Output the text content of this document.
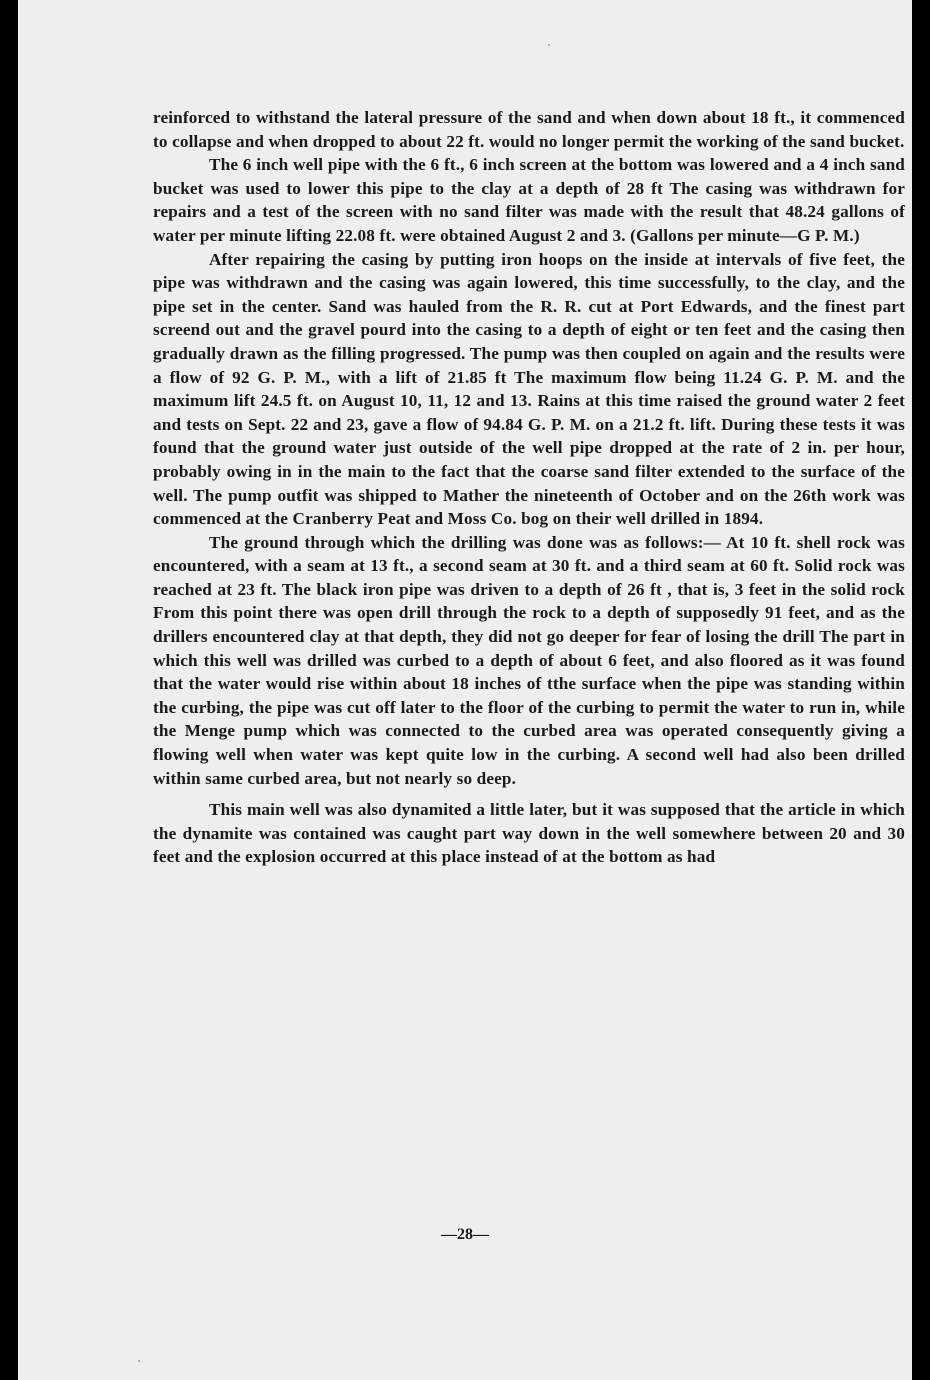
reinforced to withstand the lateral pressure of the sand and when down about 18 ft., it commenced to collapse and when dropped to about 22 ft. would no longer permit the working of the sand bucket.

The 6 inch well pipe with the 6 ft., 6 inch screen at the bottom was lowered and a 4 inch sand bucket was used to lower this pipe to the clay at a depth of 28 ft The casing was withdrawn for repairs and a test of the screen with no sand filter was made with the result that 48.24 gallons of water per minute lifting 22.08 ft. were obtained August 2 and 3. (Gallons per minute—G P. M.)

After repairing the casing by putting iron hoops on the inside at intervals of five feet, the pipe was withdrawn and the casing was again lowered, this time successfully, to the clay, and the pipe set in the center. Sand was hauled from the R. R. cut at Port Edwards, and the finest part screend out and the gravel pourd into the casing to a depth of eight or ten feet and the casing then gradually drawn as the filling progressed. The pump was then coupled on again and the results were a flow of 92 G. P. M., with a lift of 21.85 ft The maximum flow being 11.24 G. P. M. and the maximum lift 24.5 ft. on August 10, 11, 12 and 13. Rains at this time raised the ground water 2 feet and tests on Sept. 22 and 23, gave a flow of 94.84 G. P. M. on a 21.2 ft. lift. During these tests it was found that the ground water just outside of the well pipe dropped at the rate of 2 in. per hour, probably owing in in the main to the fact that the coarse sand filter extended to the surface of the well. The pump outfit was shipped to Mather the nineteenth of October and on the 26th work was commenced at the Cranberry Peat and Moss Co. bog on their well drilled in 1894.

The ground through which the drilling was done was as follows:— At 10 ft. shell rock was encountered, with a seam at 13 ft., a second seam at 30 ft. and a third seam at 60 ft. Solid rock was reached at 23 ft. The black iron pipe was driven to a depth of 26 ft , that is, 3 feet in the solid rock From this point there was open drill through the rock to a depth of supposedly 91 feet, and as the drillers encountered clay at that depth, they did not go deeper for fear of losing the drill The part in which this well was drilled was curbed to a depth of about 6 feet, and also floored as it was found that the water would rise within about 18 inches of tthe surface when the pipe was standing within the curbing, the pipe was cut off later to the floor of the curbing to permit the water to run in, while the Menge pump which was connected to the curbed area was operated consequently giving a flowing well when water was kept quite low in the curbing. A second well had also been drilled within same curbed area, but not nearly so deep.

This main well was also dynamited a little later, but it was supposed that the article in which the dynamite was contained was caught part way down in the well somewhere between 20 and 30 feet and the explosion occurred at this place instead of at the bottom as had

—28—
